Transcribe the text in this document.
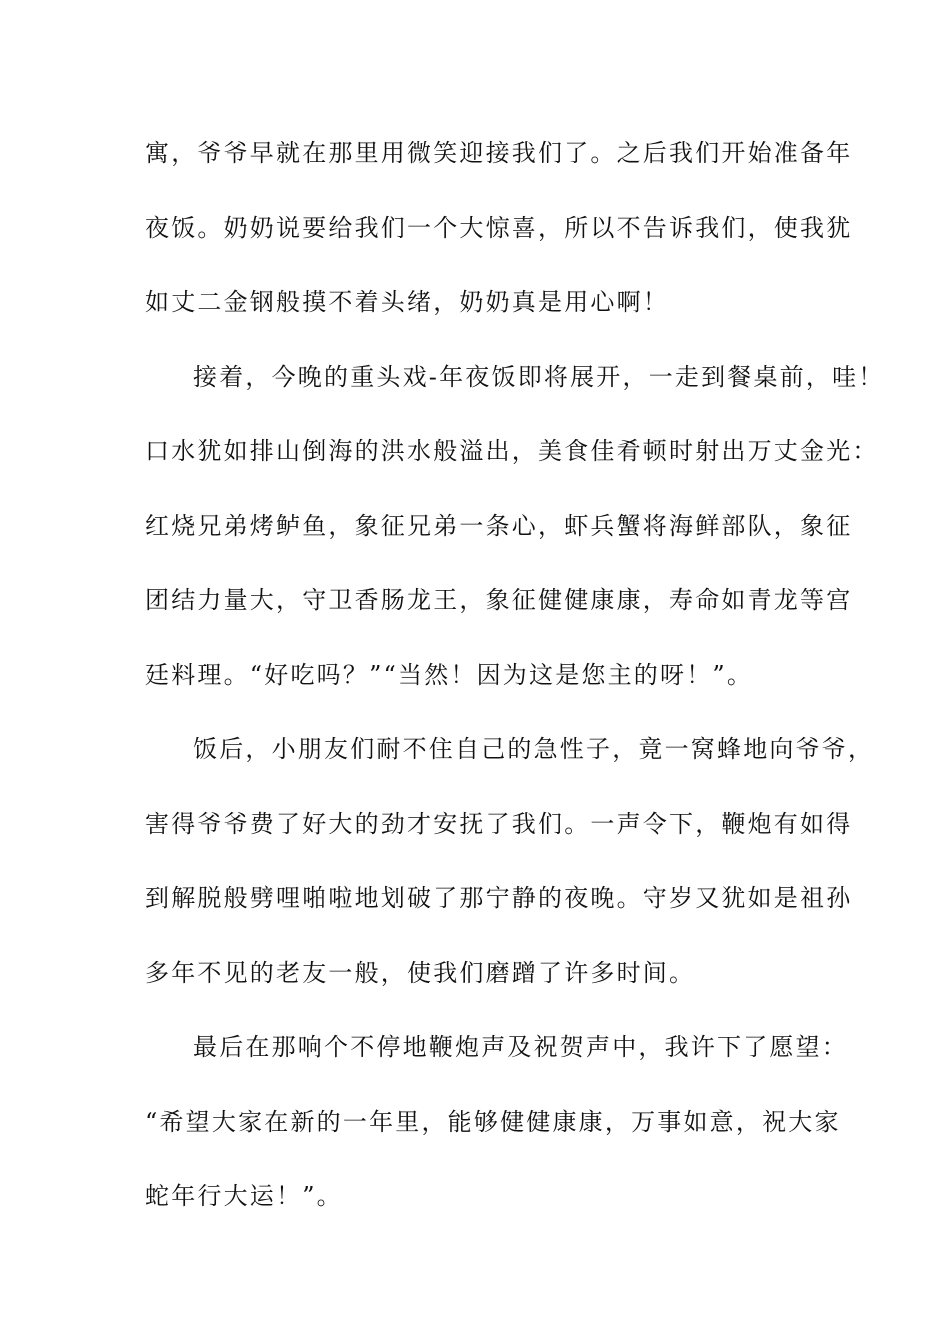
寓，爷爷早就在那里用微笑迎接我们了。之后我们开始准备年
夜饭。奶奶说要给我们一个大惊喜，所以不告诉我们，使我犹
如丈二金钢般摸不着头绪，奶奶真是用心啊！
接着，今晚的重头戏-年夜饭即将展开，一走到餐桌前，哇！
口水犹如排山倒海的洪水般溢出，美食佳肴顿时射出万丈金光：
红烧兄弟烤鲈鱼，象征兄弟一条心，虾兵蟹将海鲜部队，象征
团结力量大，守卫香肠龙王，象征健健康康，寿命如青龙等宫
廷料理。“好吃吗？”“当然！因为这是您主的呀！”。
饭后，小朋友们耐不住自己的急性子，竟一窝蜂地向爷爷，
害得爷爷费了好大的劲才安抚了我们。一声令下，鞭炮有如得
到解脱般劈哩啪啦地划破了那宁静的夜晚。守岁又犹如是祖孙
多年不见的老友一般，使我们磨蹭了许多时间。
最后在那响个不停地鞭炮声及祝贺声中，我许下了愿望：
“希望大家在新的一年里，能够健健康康，万事如意，祝大家
蛇年行大运！”。
